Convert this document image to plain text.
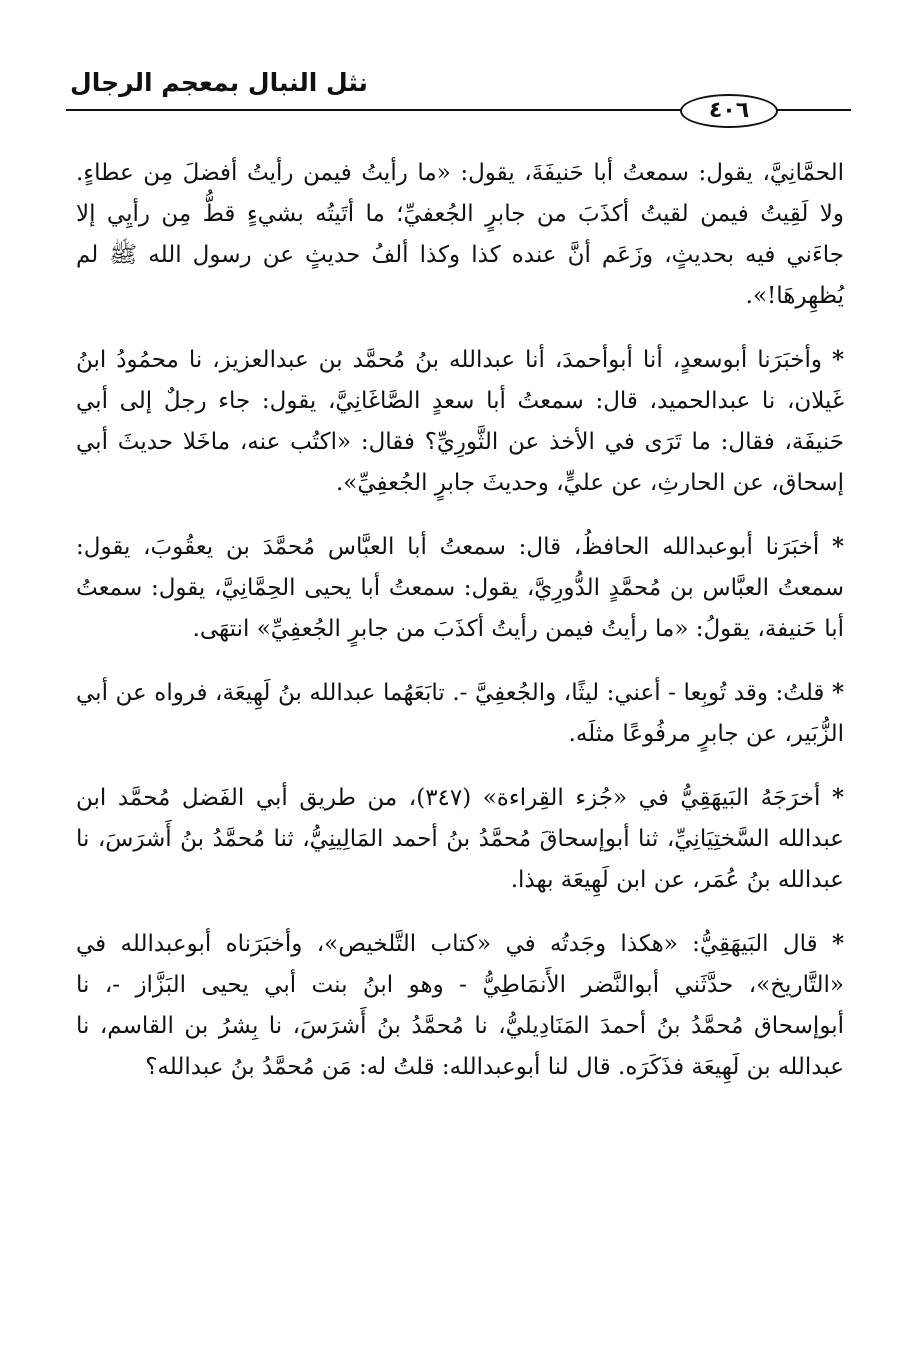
نثل النبال بمعجم الرجال
٤٠٦

الحمَّانِيَّ، يقول: سمعتُ أبا حَنيفَةَ، يقول: «ما رأيتُ فيمن رأيتُ أفضلَ مِن عطاءٍ. ولا لَقِيتُ فيمن لقيتُ أكذَبَ من جابرٍ الجُعفيِّ؛ ما أتَيتُه بشيءٍ قطُّ مِن رأيِي إلا جاءَني فيه بحديثٍ، وزَعَم أنَّ عنده كذا وكذا ألفُ حديثٍ عن رسول الله ﷺ لم يُظهِرهَا!».

* وأخبَرَنا أبوسعدٍ، أنا أبوأحمدَ، أنا عبدالله بنُ مُحمَّد بن عبدالعزيز، نا محمُودُ ابنُ غَيلان، نا عبدالحميد، قال: سمعتُ أبا سعدٍ الصَّاغَانِيَّ، يقول: جاء رجلٌ إلى أبي حَنيفَة، فقال: ما تَرَى في الأخذ عن الثَّورِيِّ؟ فقال: «اكتُب عنه، ماخَلا حديثَ أبي إسحاق، عن الحارثِ، عن عليٍّ، وحديثَ جابرٍ الجُعفِيِّ».

* أخبَرَنا أبوعبدالله الحافظُ، قال: سمعتُ أبا العبَّاس مُحمَّدَ بن يعقُوبَ، يقول: سمعتُ العبَّاس بن مُحمَّدٍ الدُّورِيَّ، يقول: سمعتُ أبا يحيى الحِمَّانِيَّ، يقول: سمعتُ أبا حَنيفة، يقولُ: «ما رأيتُ فيمن رأيتُ أكذَبَ من جابرٍ الجُعفِيِّ» انتهَى.

* قلتُ: وقد تُوبِعا - أعني: ليثًا، والجُعفِيَّ -. تابَعَهُما عبدالله بنُ لَهِيعَة، فرواه عن أبي الزُّبَير، عن جابرٍ مرفُوعًا مثلَه.

* أخرَجَهُ البَيهَقِيُّ في «جُزء القِراءة» (٣٤٧)، من طريق أبي الفَضل مُحمَّد ابن عبدالله السَّختِيَانِيِّ، ثنا أبوإسحاقَ مُحمَّدُ بنُ أحمد المَالِينِيُّ، ثنا مُحمَّدُ بنُ أَشرَسَ، نا عبدالله بنُ عُمَر، عن ابن لَهِيعَة بهذا.

* قال البَيهَقِيُّ: «هكذا وجَدتُه في «كتاب التَّلخيص»، وأخبَرَناه أبوعبدالله في «التَّاريخ»، حدَّثَني أبوالنَّضر الأَنمَاطِيُّ - وهو ابنُ بنت أبي يحيى البَزَّاز -، نا أبوإسحاق مُحمَّدُ بنُ أحمدَ المَنَادِيليُّ، نا مُحمَّدُ بنُ أَشرَسَ، نا بِشرُ بن القاسم، نا عبدالله بن لَهِيعَة فذَكَرَه. قال لنا أبوعبدالله: قلتُ له: مَن مُحمَّدُ بنُ عبدالله؟
